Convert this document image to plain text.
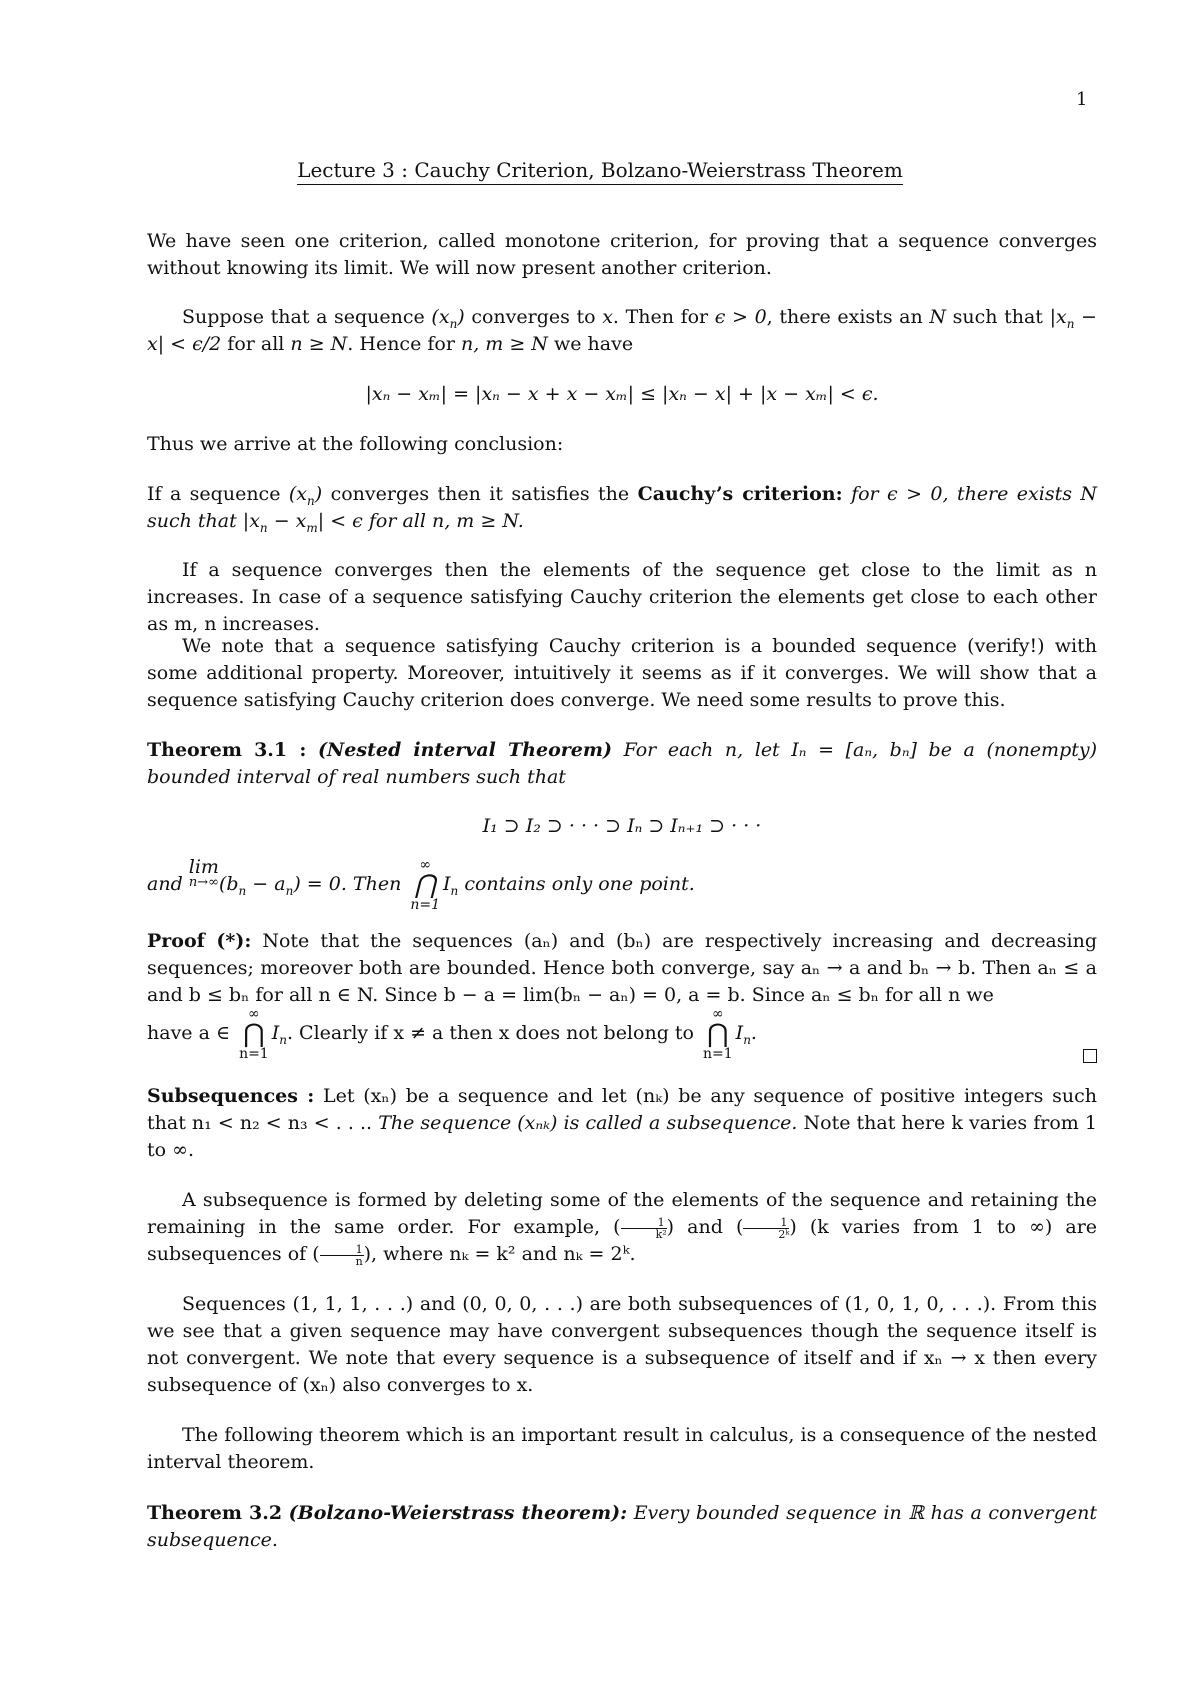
1
Lecture 3 : Cauchy Criterion, Bolzano-Weierstrass Theorem
We have seen one criterion, called monotone criterion, for proving that a sequence converges without knowing its limit. We will now present another criterion.
Suppose that a sequence $(x_n)$ converges to x. Then for ϵ > 0, there exists an N such that $|x_n - x| < \epsilon/2$ for all n ≥ N. Hence for n, m ≥ N we have
|xₙ − xₘ| = |xₙ − x + x − xₘ| ≤ |xₙ − x| + |x − xₘ| < ϵ.
Thus we arrive at the following conclusion:
If a sequence $(x_n)$ converges then it satisfies the Cauchy’s criterion: for ϵ > 0, there exists N such that $|x_n - x_m| < \epsilon$ for all n, m ≥ N.
If a sequence converges then the elements of the sequence get close to the limit as n increases. In case of a sequence satisfying Cauchy criterion the elements get close to each other as m, n increases.
We note that a sequence satisfying Cauchy criterion is a bounded sequence (verify!) with some additional property. Moreover, intuitively it seems as if it converges. We will show that a sequence satisfying Cauchy criterion does converge. We need some results to prove this.
Theorem 3.1 : (Nested interval Theorem) For each n, let Iₙ = [aₙ, bₙ] be a (nonempty) bounded interval of real numbers such that
I₁ ⊃ I₂ ⊃ · · · ⊃ Iₙ ⊃ Iₙ₊₁ ⊃ · · ·
and lim
n→∞ $(b_n - a_n) = 0$. Then ∞
⋂
$n=1I_n$ contains only one point.
Proof (*): Note that the sequences (aₙ) and (bₙ) are respectively increasing and decreasing sequences; moreover both are bounded. Hence both converge, say aₙ → a and bₙ → b. Then aₙ ≤ a and b ≤ bₙ for all n ∈ N. Since b − a = lim(bₙ − aₙ) = 0, a = b. Since aₙ ≤ bₙ for all n we
have a ∈ ∞
⋂
$n=1I_n$. Clearly if x ≠ a then x does not belong to ∞
⋂
$n=1I_n$.
Subsequences : Let (xₙ) be a sequence and let (nₖ) be any sequence of positive integers such that n₁ < n₂ < n₃ < . . .. The sequence (xₙₖ) is called a subsequence. Note that here k varies from 1 to ∞.
A subsequence is formed by deleting some of the elements of the sequence and retaining the remaining in the same order. For example, ( $\frac{1}{\text{k²}}$ ) and ( $\frac{1}{\text{2ᵏ}}$ ) (k varies from 1 to ∞) are subsequences of ( $\frac{1}{n}$ ), where nₖ = k² and nₖ = 2ᵏ.
Sequences (1, 1, 1, . . .) and (0, 0, 0, . . .) are both subsequences of (1, 0, 1, 0, . . .). From this we see that a given sequence may have convergent subsequences though the sequence itself is not convergent. We note that every sequence is a subsequence of itself and if xₙ → x then every subsequence of (xₙ) also converges to x.
The following theorem which is an important result in calculus, is a consequence of the nested interval theorem.
Theorem 3.2 (Bolzano-Weierstrass theorem): Every bounded sequence in ℝ has a convergent subsequence.
